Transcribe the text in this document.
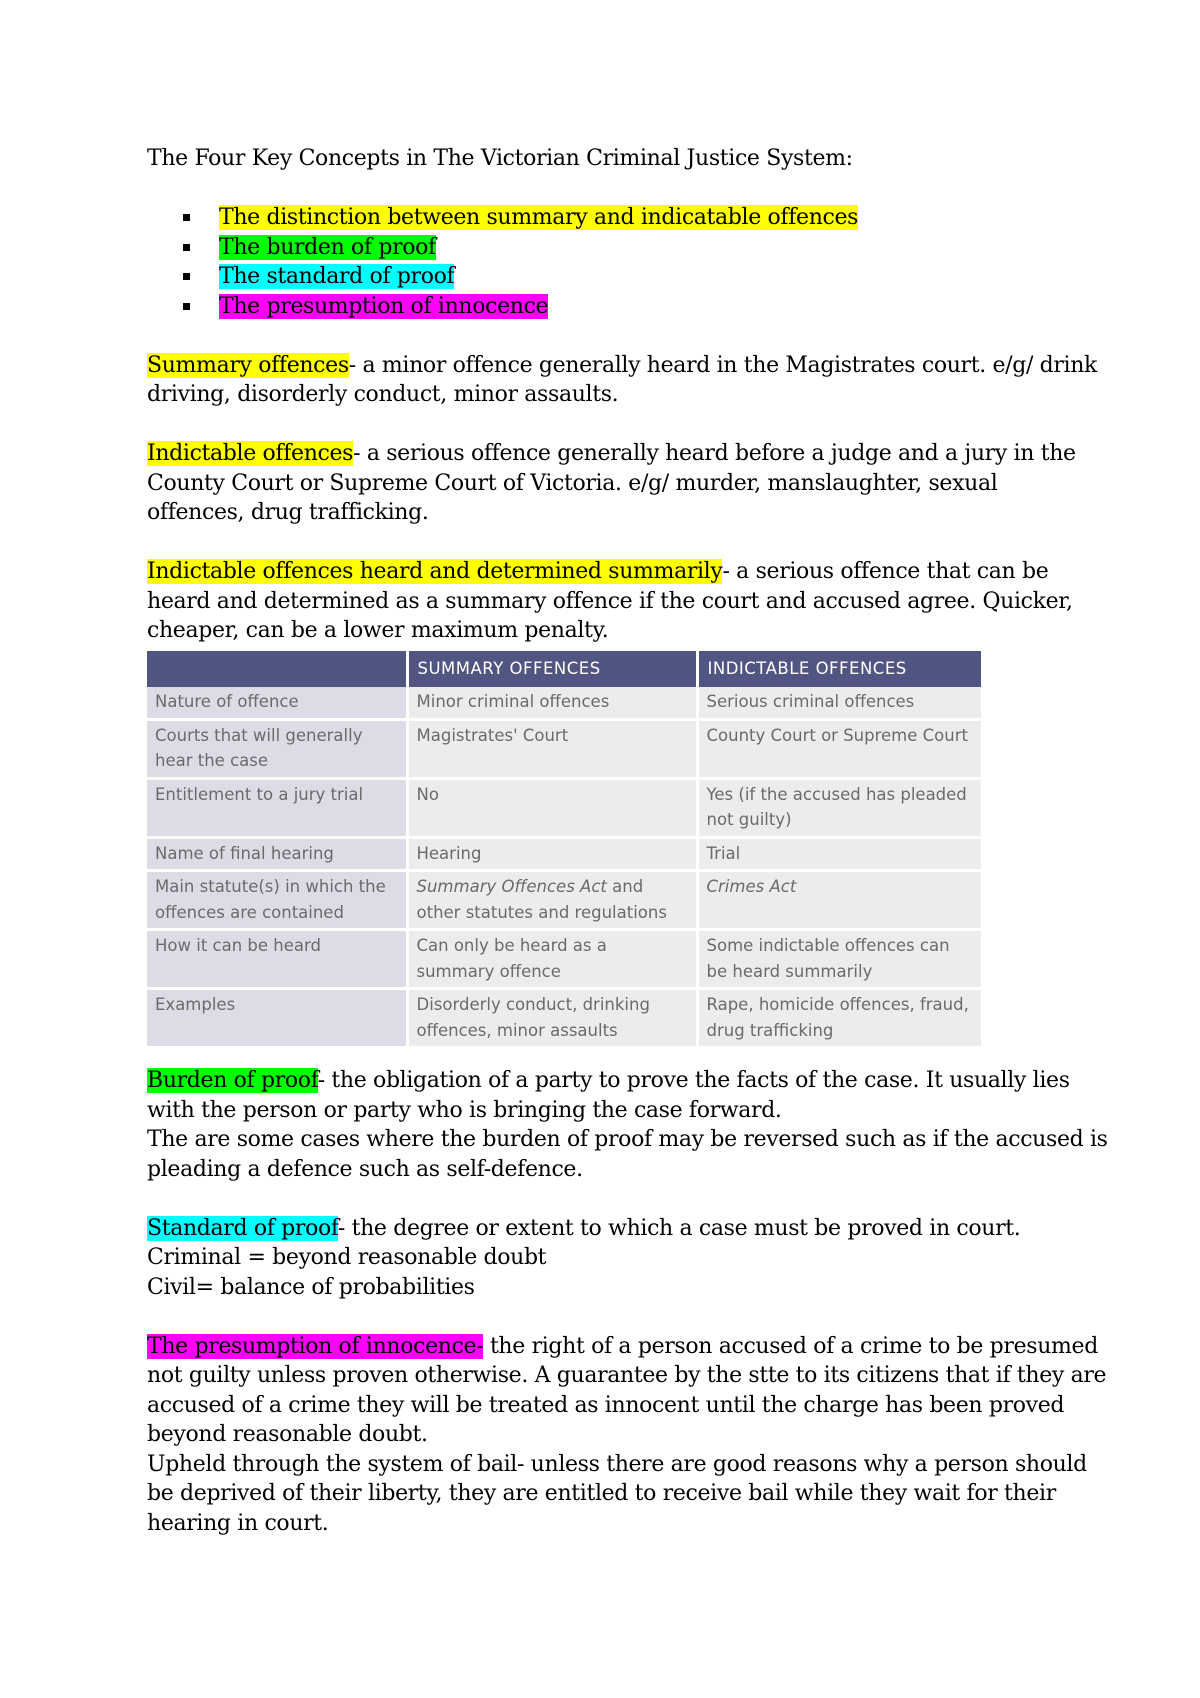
The Four Key Concepts in The Victorian Criminal Justice System:
The distinction between summary and indicatable offences
The burden of proof
The standard of proof
The presumption of innocence
Summary offences- a minor offence generally heard in the Magistrates court. e/g/ drink
driving, disorderly conduct, minor assaults.
Indictable offences- a serious offence generally heard before a judge and a jury in the
County Court or Supreme Court of Victoria. e/g/ murder, manslaughter, sexual
offences, drug trafficking.
Indictable offences heard and determined summarily- a serious offence that can be
heard and determined as a summary offence if the court and accused agree. Quicker,
cheaper, can be a lower maximum penalty.
	SUMMARY OFFENCES	INDICTABLE OFFENCES
Nature of offence	Minor criminal offences	Serious criminal offences
Courts that will generally hear the case	Magistrates' Court	County Court or Supreme Court
Entitlement to a jury trial	No	Yes (if the accused has pleaded not guilty)
Name of final hearing	Hearing	Trial
Main statute(s) in which the offences are contained	Summary Offences Act and other statutes and regulations	Crimes Act
How it can be heard	Can only be heard as a summary offence	Some indictable offences can be heard summarily
Examples	Disorderly conduct, drinking offences, minor assaults	Rape, homicide offences, fraud, drug trafficking
Burden of proof- the obligation of a party to prove the facts of the case. It usually lies
with the person or party who is bringing the case forward.
The are some cases where the burden of proof may be reversed such as if the accused is
pleading a defence such as self-defence.
Standard of proof- the degree or extent to which a case must be proved in court.
Criminal = beyond reasonable doubt
Civil= balance of probabilities
The presumption of innocence- the right of a person accused of a crime to be presumed
not guilty unless proven otherwise. A guarantee by the stte to its citizens that if they are
accused of a crime they will be treated as innocent until the charge has been proved
beyond reasonable doubt.
Upheld through the system of bail- unless there are good reasons why a person should
be deprived of their liberty, they are entitled to receive bail while they wait for their
hearing in court.
